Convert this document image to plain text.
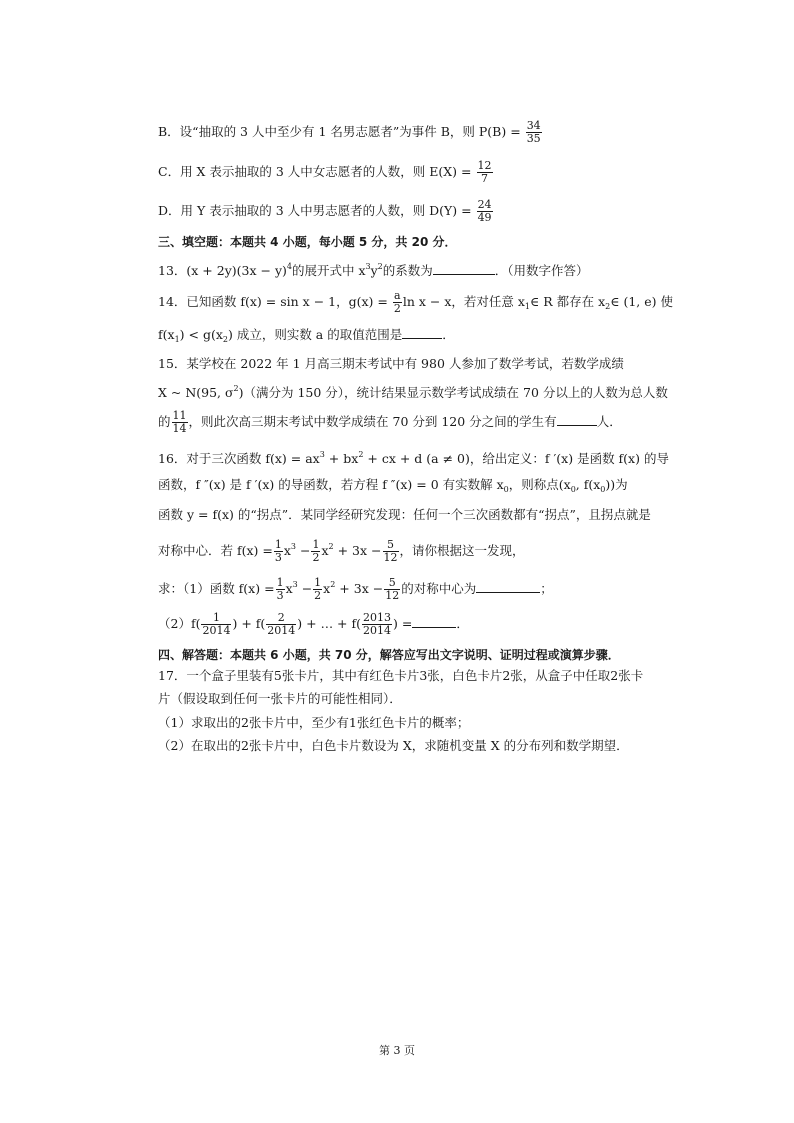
B．设“抽取的 3 人中至少有 1 名男志愿者”为事件 B，则 $P(B) = \frac{34}{35}$
C．用 X 表示抽取的 3 人中女志愿者的人数，则 $E(X) = \frac{12}{7}$
D．用 Y 表示抽取的 3 人中男志愿者的人数，则 $D(Y) = \frac{24}{49}$
三、填空题：本题共 4 小题，每小题 5 分，共 20 分．
13．$(x + 2y)(3x - y)^4$的展开式中 $x^3y^2$的系数为	．（用数字作答）
14．已知函数 f(x) = sin x − 1，$g(x) = \frac{a}{2}$ ln x − x，若对任意 $x_1\in$ R 都存在 $x_2\in$ (1, e) 使
$f(x_1) < g(x_2)$ 成立，则实数 a 的取值范围是	．
15．某学校在 2022 年 1 月高三期末考试中有 980 人参加了数学考试，若数学成绩
X ~ N(95, $\sigma^2$)（满分为 150 分），统计结果显示数学考试成绩在 70 分以上的人数为总人数
的 $\frac{11}{14}$ ，则此次高三期末考试中数学成绩在 70 分到 120 分之间的学生有	人．
16．对于三次函数 $f(x) = ax^3 + bx^2$ + cx + d (a ≠ 0)，给出定义：f ′(x) 是函数 f(x) 的导
函数，f ″(x) 是 f ′(x) 的导函数，若方程 f ″(x) = 0 有实数解 $x_0$，则称点($x_0$, $f(x_0)$)为
函数 y = f(x) 的“拐点”．某同学经研究发现：任何一个三次函数都有“拐点”，且拐点就是
对称中心．若 $f(x) = \frac{1}{3} x^3 - \frac{1}{2} x^2 + 3x - \frac{5}{12}$ ，请你根据这一发现，
求：（1）函数 $f(x) = \frac{1}{3} x^3 - \frac{1}{2} x^2 + 3x - \frac{5}{12}$ 的对称中心为	；
$(2)f( \frac{1}{2014}$ ) + $f( \frac{2}{2014}$ ) + … + $f( \frac{2013}{2014}$ ) =	．
四、解答题：本题共 6 小题，共 70 分，解答应写出文字说明、证明过程或演算步骤．
17．一个盒子里装有5张卡片，其中有红色卡片3张，白色卡片2张，从盒子中任取2张卡
片（假设取到任何一张卡片的可能性相同）．
（1）求取出的2张卡片中，至少有1张红色卡片的概率；
（2）在取出的2张卡片中，白色卡片数设为 X，求随机变量 X 的分布列和数学期望．
第 3 页
